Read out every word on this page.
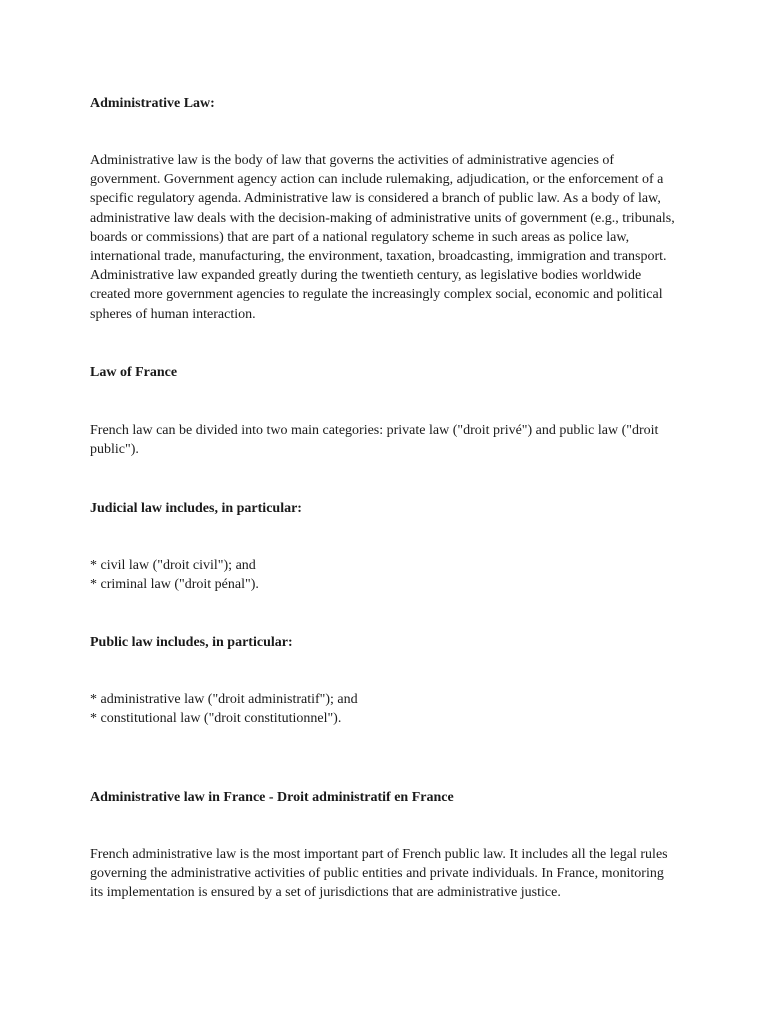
Administrative Law:
Administrative law is the body of law that governs the activities of administrative agencies of government. Government agency action can include rulemaking, adjudication, or the enforcement of a specific regulatory agenda. Administrative law is considered a branch of public law. As a body of law, administrative law deals with the decision-making of administrative units of government (e.g., tribunals, boards or commissions) that are part of a national regulatory scheme in such areas as police law, international trade, manufacturing, the environment, taxation, broadcasting, immigration and transport. Administrative law expanded greatly during the twentieth century, as legislative bodies worldwide created more government agencies to regulate the increasingly complex social, economic and political spheres of human interaction.
Law of France
French law can be divided into two main categories: private law ("droit privé") and public law ("droit public").
Judicial law includes, in particular:
* civil law ("droit civil"); and
* criminal law ("droit pénal").
Public law includes, in particular:
* administrative law ("droit administratif"); and
* constitutional law ("droit constitutionnel").
Administrative law in France - Droit administratif en France
French administrative law is the most important part of French public law. It includes all the legal rules governing the administrative activities of public entities and private individuals. In France, monitoring its implementation is ensured by a set of jurisdictions that are administrative justice.
